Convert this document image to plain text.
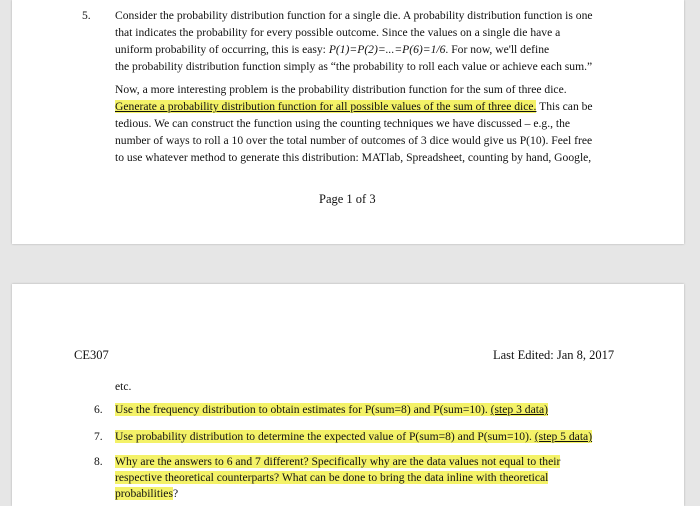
5. Consider the probability distribution function for a single die. A probability distribution function is one
that indicates the probability for every possible outcome. Since the values on a single die have a
uniform probability of occurring, this is easy: P(1)=P(2)=...=P(6)=1/6. For now, we'll define
the probability distribution function simply as “the probability to roll each value or achieve each sum.”
Now, a more interesting problem is the probability distribution function for the sum of three dice.
Generate a probability distribution function for all possible values of the sum of three dice. This can be
tedious. We can construct the function using the counting techniques we have discussed – e.g., the
number of ways to roll a 10 over the total number of outcomes of 3 dice would give us P(10). Feel free
to use whatever method to generate this distribution: MATlab, Spreadsheet, counting by hand, Google,
Page 1 of 3
CE307	Last Edited: Jan 8, 2017
etc.
6. Use the frequency distribution to obtain estimates for P(sum=8) and P(sum=10). (step 3 data)
7. Use probability distribution to determine the expected value of P(sum=8) and P(sum=10). (step 5 data)
8. Why are the answers to 6 and 7 different? Specifically why are the data values not equal to their
respective theoretical counterparts? What can be done to bring the data inline with theoretical
probabilities?
